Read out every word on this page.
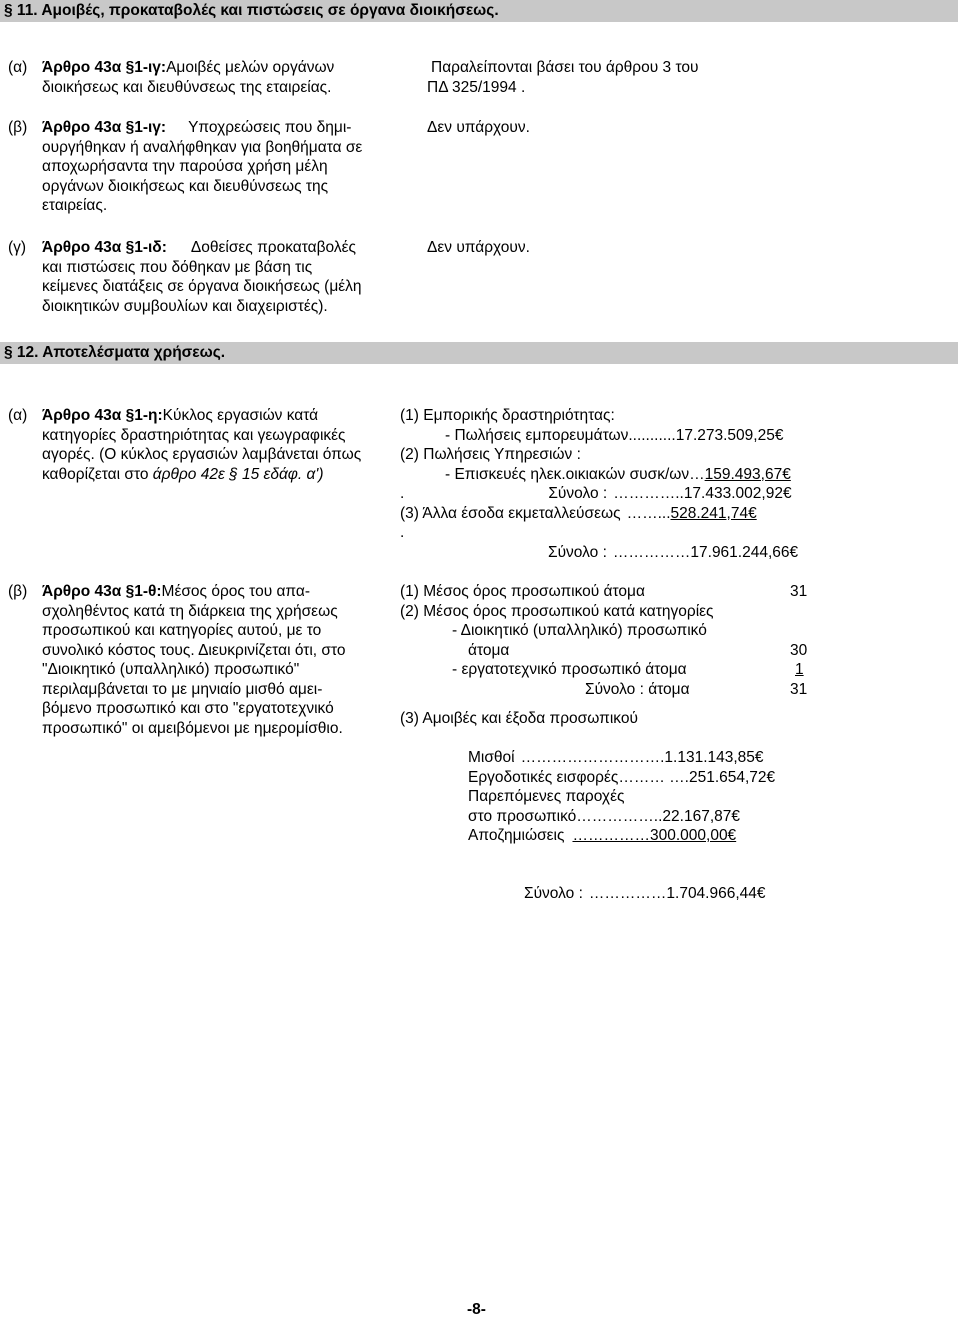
§ 11. Αμοιβές, προκαταβολές και πιστώσεις σε όργανα διοικήσεως.
(α) Άρθρο 43α §1-ιγ:Αμοιβές μελών οργάνων
διοικήσεως και διευθύνσεως της εταιρείας.
Παραλείπονται βάσει του άρθρου 3 του
ΠΔ 325/1994 .
(β) Άρθρο 43α §1-ιγ: Υποχρεώσεις που δημι-
ουργήθηκαν ή αναλήφθηκαν για βοηθήματα σε
αποχωρήσαντα την παρούσα χρήση μέλη
οργάνων διοικήσεως και διευθύνσεως της
εταιρείας.
Δεν υπάρχουν.
(γ) Άρθρο 43α §1-ιδ: Δοθείσες προκαταβολές
και πιστώσεις που δόθηκαν με βάση τις
κείμενες διατάξεις σε όργανα διοικήσεως (μέλη
διοικητικών συμβουλίων και διαχειριστές).
Δεν υπάρχουν.
§ 12. Αποτελέσματα χρήσεως.
(α) Άρθρο 43α §1-η:Κύκλος εργασιών κατά
κατηγορίες δραστηριότητας και γεωγραφικές
αγορές. (Ο κύκλος εργασιών λαμβάνεται όπως
καθορίζεται στο άρθρο 42ε § 15 εδάφ. α')
(1) Εμπορικής δραστηριότητας:
- Πωλήσεις εμπορευμάτων...........17.273.509,25€
(2) Πωλήσεις Υπηρεσιών :
- Επισκευές ηλεκ.οικιακών συσκ/ων…159.493,67€
.	Σύνολο : …………..17.433.002,92€
(3) Άλλα έσοδα εκμεταλλεύσεως ……...528.241,74€
.
Σύνολο : ……………17.961.244,66€
(β) Άρθρο 43α §1-θ:Μέσος όρος του απα-
σχοληθέντος κατά τη διάρκεια της χρήσεως
προσωπικού και κατηγορίες αυτού, με το
συνολικό κόστος τους. Διευκρινίζεται ότι, στο
"Διοικητικό (υπαλληλικό) προσωπικό"
περιλαμβάνεται το με μηνιαίο μισθό αμει-
βόμενο προσωπικό και στο "εργατοτεχνικό
προσωπικό" οι αμειβόμενοι με ημερομίσθιο.
(1) Μέσος όρος προσωπικού άτομα	31
(2) Μέσος όρος προσωπικού κατά κατηγορίες
- Διοικητικό (υπαλληλικό) προσωπικό
άτομα	30
- εργατοτεχνικό προσωπικό άτομα	1
Σύνολο : άτομα	31
(3) Αμοιβές και έξοδα προσωπικού
Μισθοί ……………………….1.131.143,85€
Εργοδοτικές εισφορές……… ….251.654,72€
Παρεπόμενες παροχές
στο προσωπικό……………..22.167,87€
Αποζημιώσεις ……………300.000,00€
Σύνολο : ……………1.704.966,44€
-8-
